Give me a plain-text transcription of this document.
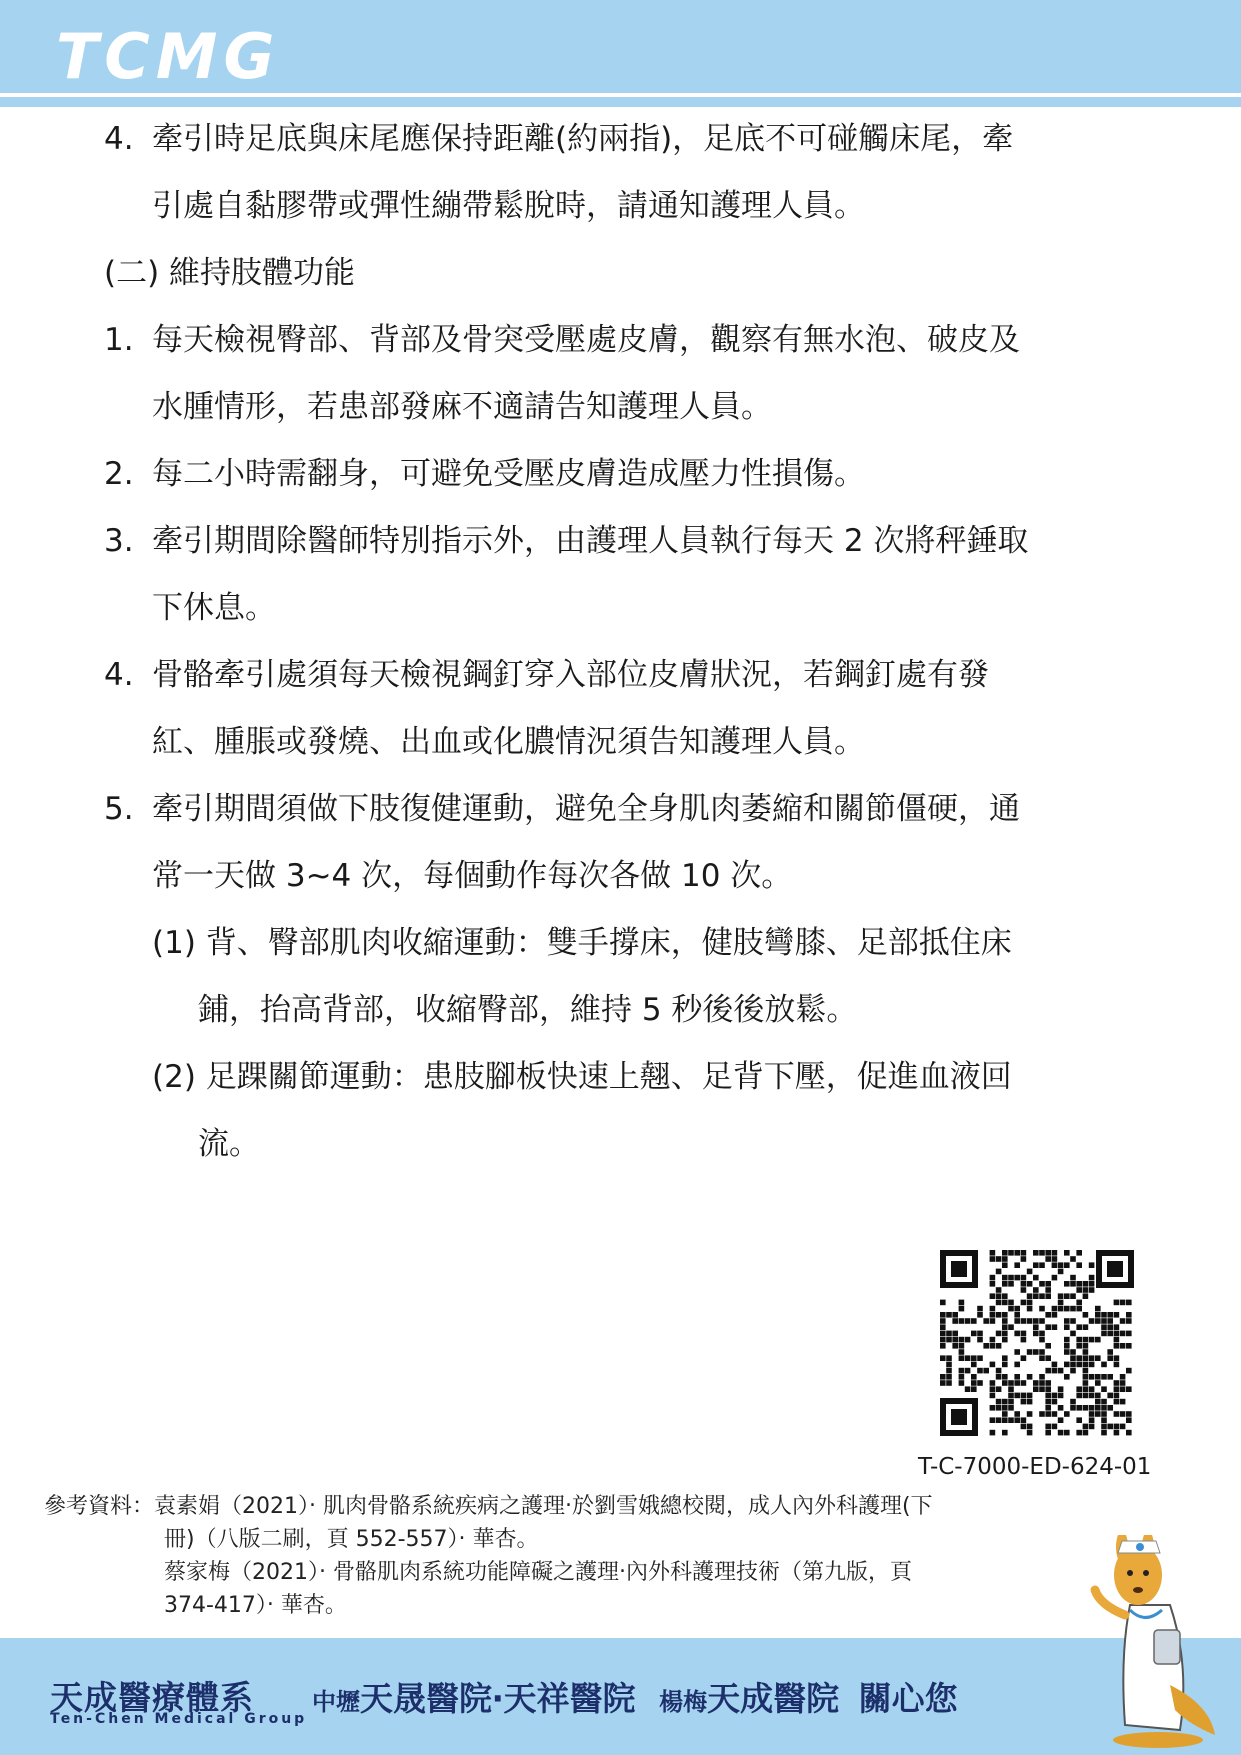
TCMG
4. 牽引時足底與床尾應保持距離(約兩指)，足底不可碰觸床尾，牽
引處自黏膠帶或彈性繃帶鬆脫時，請通知護理人員。
(二) 維持肢體功能
1. 每天檢視臀部、背部及骨突受壓處皮膚，觀察有無水泡、破皮及
水腫情形，若患部發麻不適請告知護理人員。
2. 每二小時需翻身，可避免受壓皮膚造成壓力性損傷。
3. 牽引期間除醫師特別指示外，由護理人員執行每天 2 次將秤錘取
下休息。
4. 骨骼牽引處須每天檢視鋼釘穿入部位皮膚狀況，若鋼釘處有發
紅、腫脹或發燒、出血或化膿情況須告知護理人員。
5. 牽引期間須做下肢復健運動，避免全身肌肉萎縮和關節僵硬，通
常一天做 3~4 次，每個動作每次各做 10 次。
(1) 背、臀部肌肉收縮運動：雙手撐床，健肢彎膝、足部抵住床
鋪，抬高背部，收縮臀部，維持 5 秒後後放鬆。
(2) 足踝關節運動：患肢腳板快速上翹、足背下壓，促進血液回
流。
T-C-7000-ED-624-01
參考資料：袁素娟（2021）‧ 肌肉骨骼系統疾病之護理‧於劉雪娥總校閱，成人內外科護理(下
冊)（八版二刷，頁 552-557）‧ 華杏。
蔡家梅（2021）‧ 骨骼肌肉系統功能障礙之護理‧內外科護理技術（第九版，頁
374-417）‧ 華杏。
天成醫療體系
Ten-Chen Medical Group
中壢天晟醫院‧天祥醫院 楊梅天成醫院 關心您
